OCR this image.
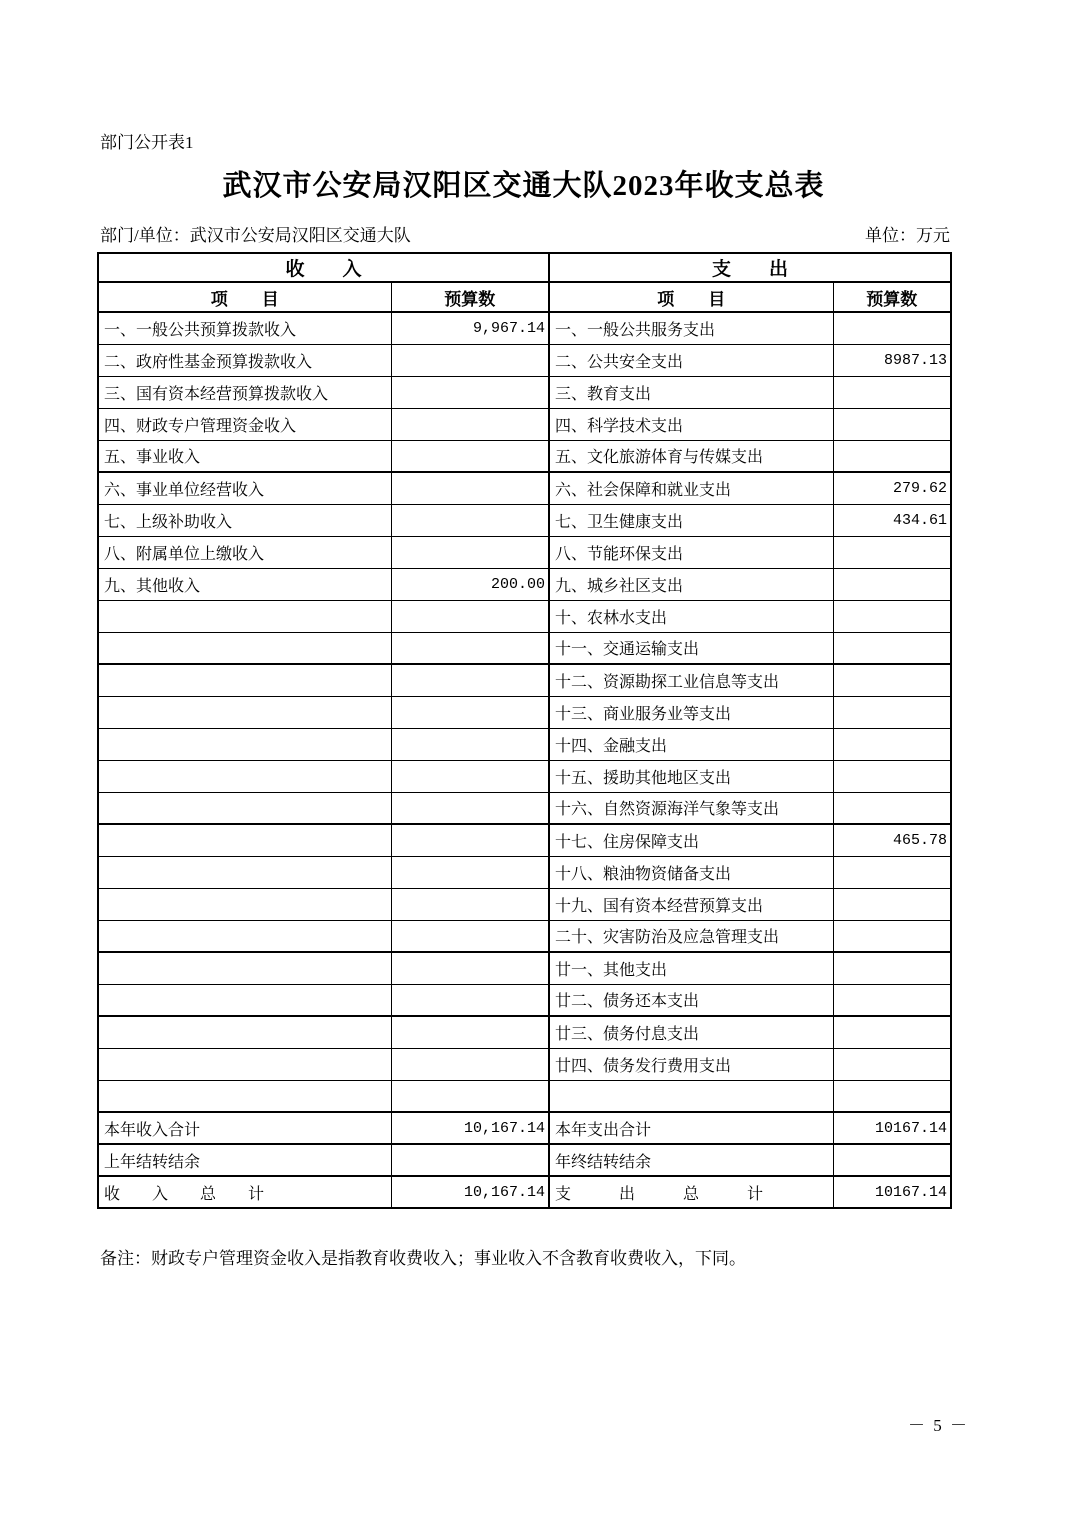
部门公开表1
武汉市公安局汉阳区交通大队2023年收支总表
部门/单位：武汉市公安局汉阳区交通大队	单位：万元
收　　入		支　　出	
项　　目	预算数	项　　目	预算数
一、一般公共预算拨款收入	9,967.14	一、一般公共服务支出	
二、政府性基金预算拨款收入		二、公共安全支出	8987.13
三、国有资本经营预算拨款收入		三、教育支出	
四、财政专户管理资金收入		四、科学技术支出	
五、事业收入		五、文化旅游体育与传媒支出	
六、事业单位经营收入		六、社会保障和就业支出	279.62
七、上级补助收入		七、卫生健康支出	434.61
八、附属单位上缴收入		八、节能环保支出	
九、其他收入	200.00	九、城乡社区支出	
		十、农林水支出	
		十一、交通运输支出	
		十二、资源勘探工业信息等支出	
		十三、商业服务业等支出	
		十四、金融支出	
		十五、援助其他地区支出	
		十六、自然资源海洋气象等支出	
		十七、住房保障支出	465.78
		十八、粮油物资储备支出	
		十九、国有资本经营预算支出	
		二十、灾害防治及应急管理支出	
		廿一、其他支出	
		廿二、债务还本支出	
		廿三、债务付息支出	
		廿四、债务发行费用支出	

本年收入合计	10,167.14	本年支出合计	10167.14
上年结转结余		年终结转结余	
收　　入　　总　　计	10,167.14	支　　　出　　　总　　　计	10167.14
备注：财政专户管理资金收入是指教育收费收入；事业收入不含教育收费收入，下同。
－ 5 －
